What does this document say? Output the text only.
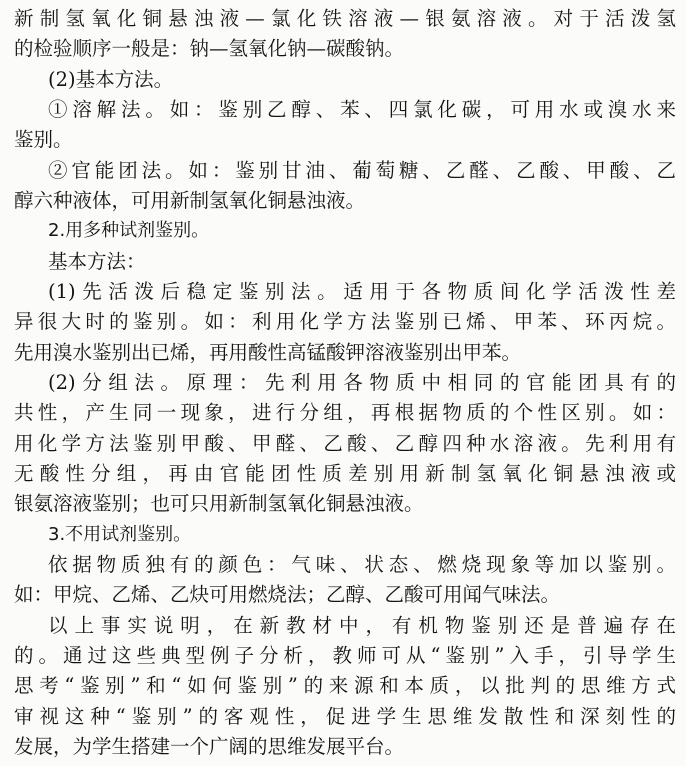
新制氢氧化铜悬浊液—氯化铁溶液—银氨溶液。对于活泼氢
的检验顺序一般是：钠—氢氧化钠—碳酸钠。
(2)基本方法。
①溶解法。如：鉴别乙醇、苯、四氯化碳，可用水或溴水来
鉴别。
②官能团法。如：鉴别甘油、葡萄糖、乙醛、乙酸、甲酸、乙
醇六种液体，可用新制氢氧化铜悬浊液。
2.用多种试剂鉴别。
基本方法：
(1)先活泼后稳定鉴别法。适用于各物质间化学活泼性差
异很大时的鉴别。如：利用化学方法鉴别已烯、甲苯、环丙烷。
先用溴水鉴别出已烯，再用酸性高锰酸钾溶液鉴别出甲苯。
(2)分组法。原理：先利用各物质中相同的官能团具有的
共性，产生同一现象，进行分组，再根据物质的个性区别。如：
用化学方法鉴别甲酸、甲醛、乙酸、乙醇四种水溶液。先利用有
无酸性分组，再由官能团性质差别用新制氢氧化铜悬浊液或
银氨溶液鉴别；也可只用新制氢氧化铜悬浊液。
3.不用试剂鉴别。
依据物质独有的颜色：气味、状态、燃烧现象等加以鉴别。
如：甲烷、乙烯、乙炔可用燃烧法；乙醇、乙酸可用闻气味法。
以上事实说明，在新教材中，有机物鉴别还是普遍存在
的。通过这些典型例子分析，教师可从“鉴别”入手，引导学生
思考“鉴别”和“如何鉴别”的来源和本质，以批判的思维方式
审视这种“鉴别”的客观性，促进学生思维发散性和深刻性的
发展，为学生搭建一个广阔的思维发展平台。
